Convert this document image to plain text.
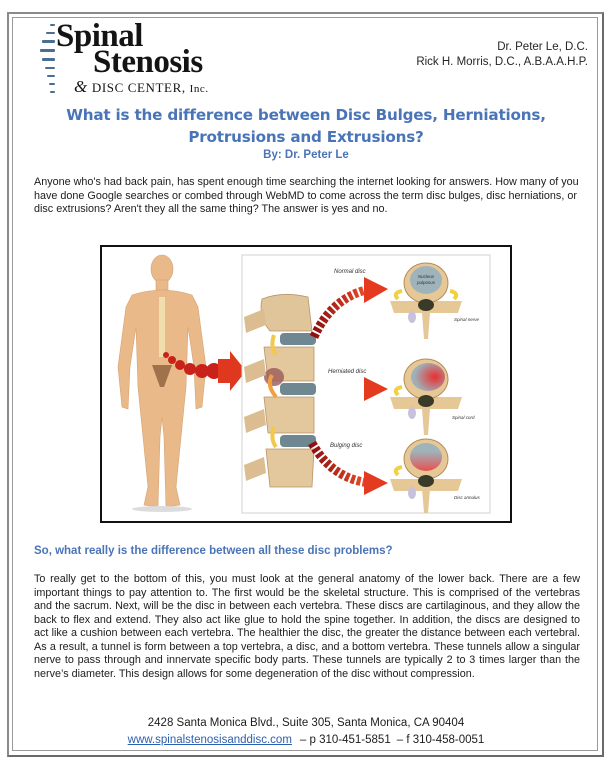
Spinal
Stenosis
& DISC CENTER, Inc.
Dr. Peter Le, D.C.
Rick H. Morris, D.C., A.B.A.A.H.P.
What is the difference between Disc Bulges, Herniations,
Protrusions and Extrusions?
By: Dr. Peter Le
Anyone who's had back pain, has spent enough time searching the internet looking for answers. How many of you have done Google searches or combed through WebMD to come across the term disc bulges, disc herniations, or disc extrusions? Aren't they all the same thing? The answer is yes and no.
Normal disc
Herniated disc
Bulging disc
Nucleus
pulposus
Spinal nerve
Spinal cord
Disc annulus
So, what really is the difference between all these disc problems?
To really get to the bottom of this, you must look at the general anatomy of the lower back. There are a few important things to pay attention to. The first would be the skeletal structure. This is comprised of the vertebras and the sacrum. Next, will be the disc in between each vertebra. These discs are cartilaginous, and they allow the back to flex and extend. They also act like glue to hold the spine together. In addition, the discs are designed to act like a cushion between each vertebra. The healthier the disc, the greater the distance between each vertebral. As a result, a tunnel is form between a top vertebra, a disc, and a bottom vertebra. These tunnels allow a singular nerve to pass through and innervate specific body parts. These tunnels are typically 2 to 3 times larger than the nerve’s diameter. This design allows for some degeneration of the disc without compression.
2428 Santa Monica Blvd., Suite 305, Santa Monica, CA 90404
www.spinalstenosisanddisc.com – p 310-451-5851 – f 310-458-0051
